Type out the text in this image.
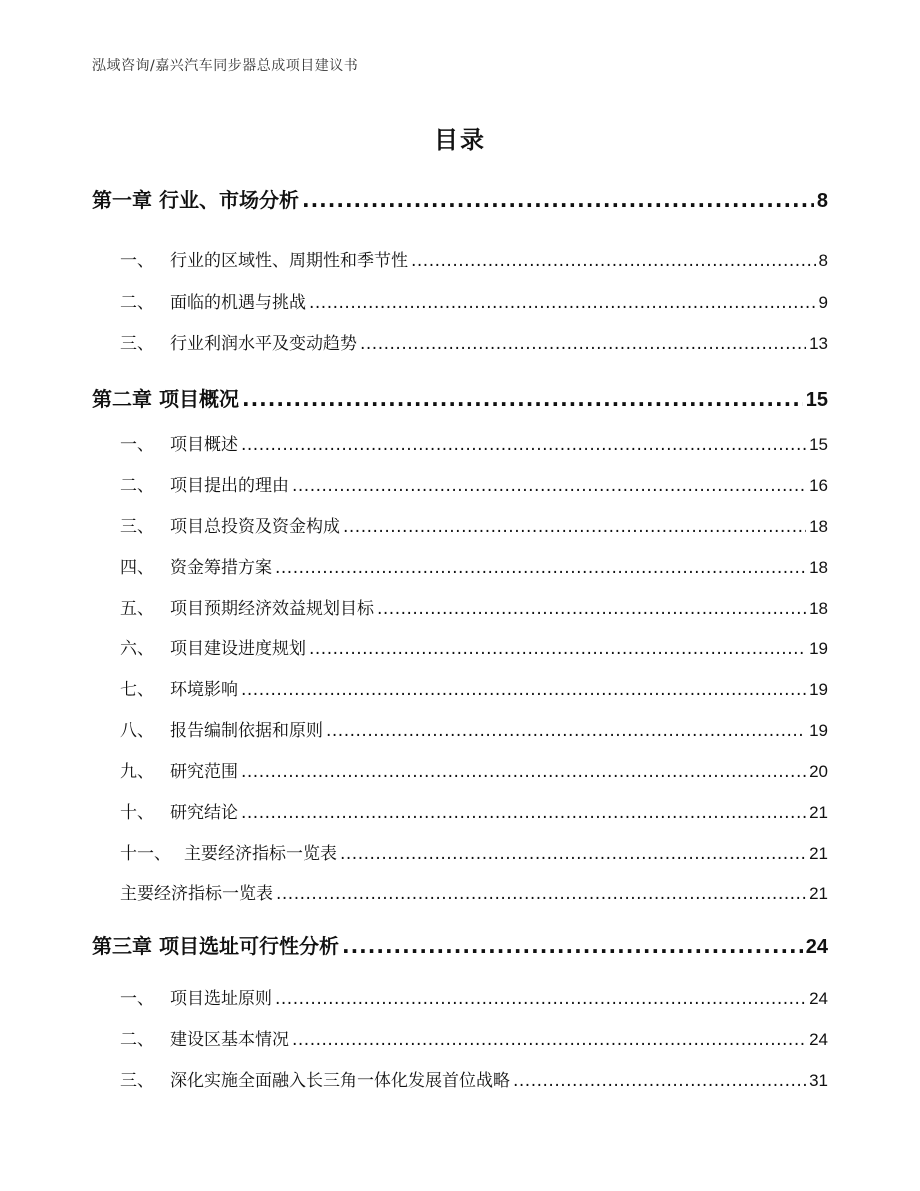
泓域咨询/嘉兴汽车同步器总成项目建议书
目录
第一章 行业、市场分析 .....	8
一、 行业的区域性、周期性和季节性 .....	8
二、 面临的机遇与挑战 .....	9
三、 行业利润水平及变动趋势 .....	13
第二章 项目概况 .....	15
一、 项目概述 .....	15
二、 项目提出的理由 .....	16
三、 项目总投资及资金构成 .....	18
四、 资金筹措方案 .....	18
五、 项目预期经济效益规划目标 .....	18
六、 项目建设进度规划 .....	19
七、 环境影响 .....	19
八、 报告编制依据和原则 .....	19
九、 研究范围 .....	20
十、 研究结论 .....	21
十一、 主要经济指标一览表 .....	21
主要经济指标一览表 .....	21
第三章 项目选址可行性分析 .....	24
一、 项目选址原则 .....	24
二、 建设区基本情况 .....	24
三、 深化实施全面融入长三角一体化发展首位战略 .....	31
